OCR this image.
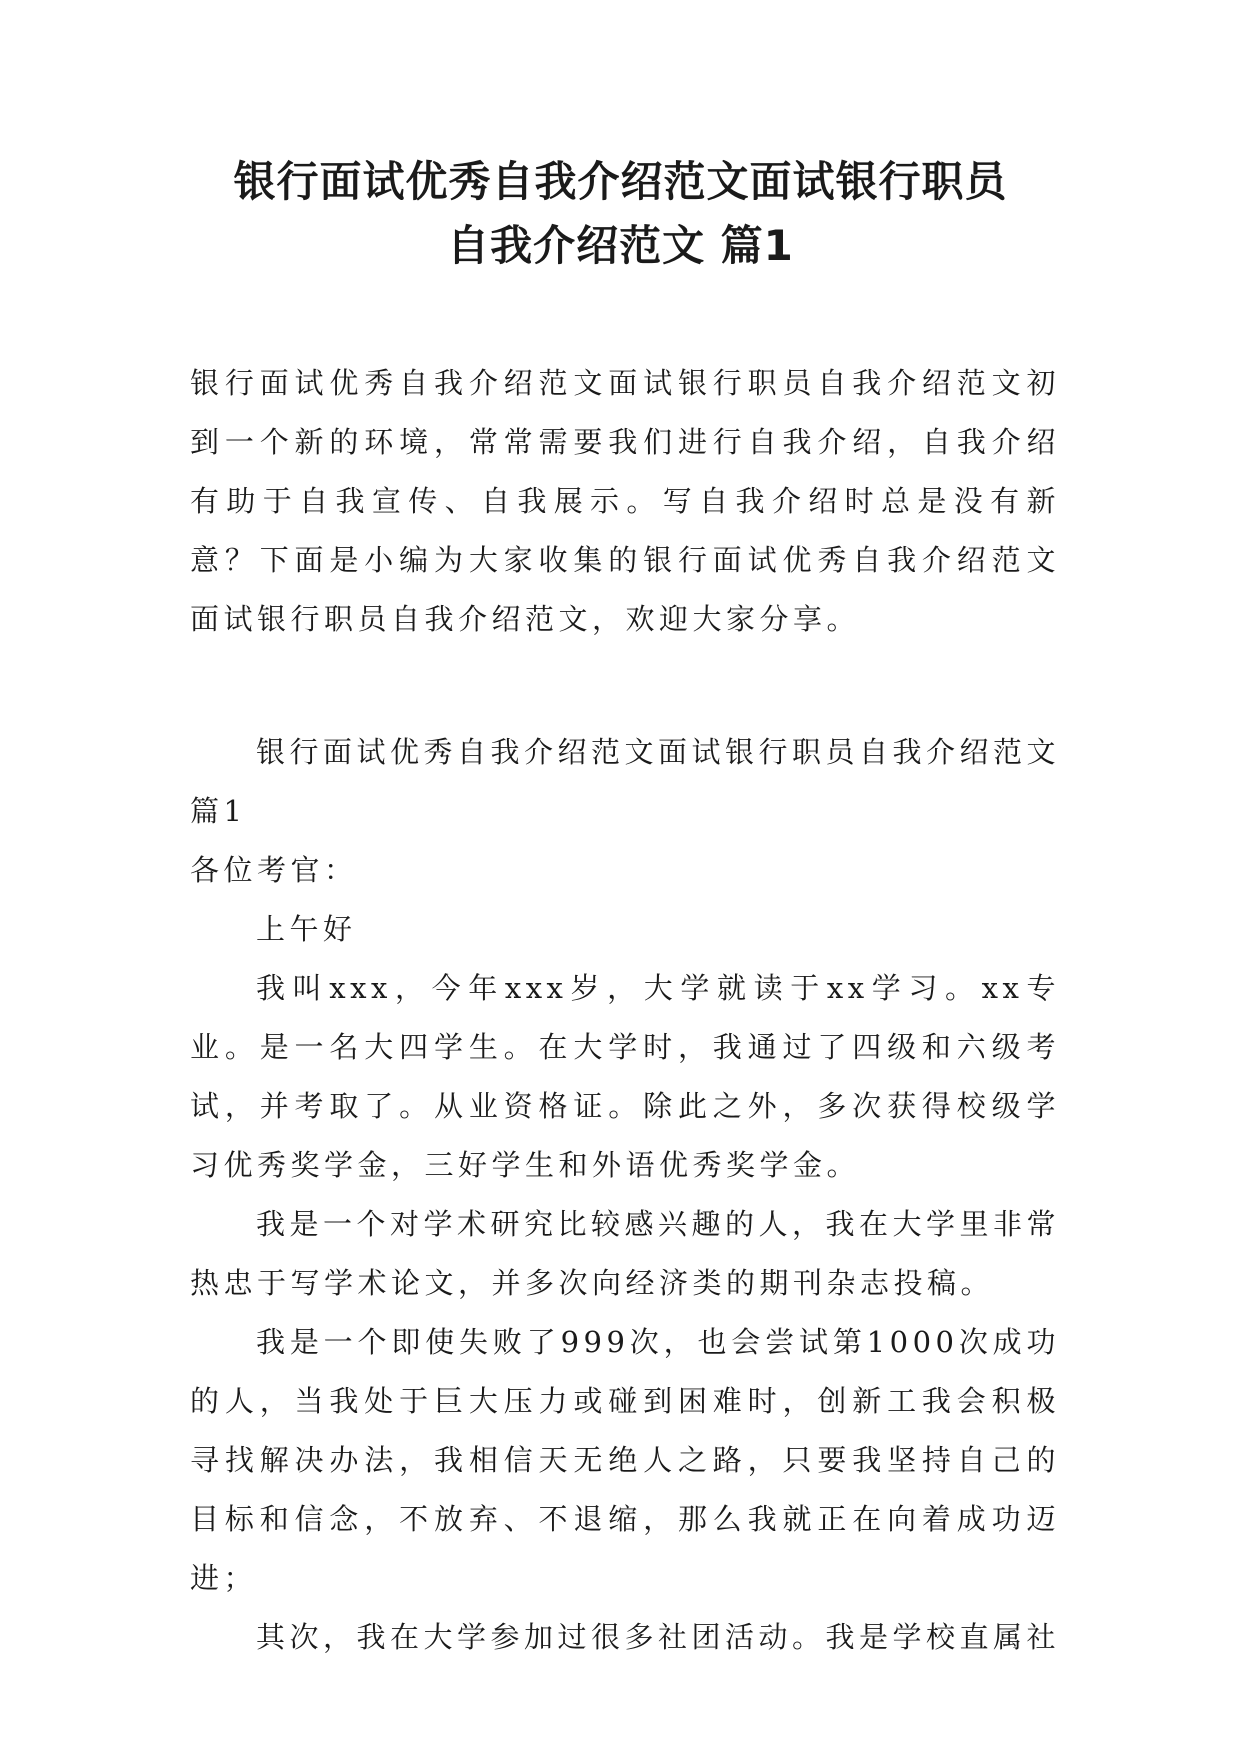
银行面试优秀自我介绍范文面试银行职员
自我介绍范文 篇1

银行面试优秀自我介绍范文面试银行职员自我介绍范文初到一个新的环境，常常需要我们进行自我介绍，自我介绍有助于自我宣传、自我展示。写自我介绍时总是没有新意？下面是小编为大家收集的银行面试优秀自我介绍范文面试银行职员自我介绍范文，欢迎大家分享。

银行面试优秀自我介绍范文面试银行职员自我介绍范文 篇1

各位考官：

上午好

我叫xxx，今年xxx岁，大学就读于xx学习。xx专业。是一名大四学生。在大学时，我通过了四级和六级考试，并考取了。从业资格证。除此之外，多次获得校级学习优秀奖学金，三好学生和外语优秀奖学金。

我是一个对学术研究比较感兴趣的人，我在大学里非常热忠于写学术论文，并多次向经济类的期刊杂志投稿。

我是一个即使失败了999次，也会尝试第1000次成功的人，当我处于巨大压力或碰到困难时，创新工我会积极寻找解决办法，我相信天无绝人之路，只要我坚持自己的目标和信念，不放弃、不退缩，那么我就正在向着成功迈进；

其次，我在大学参加过很多社团活动。我是学校直属社
